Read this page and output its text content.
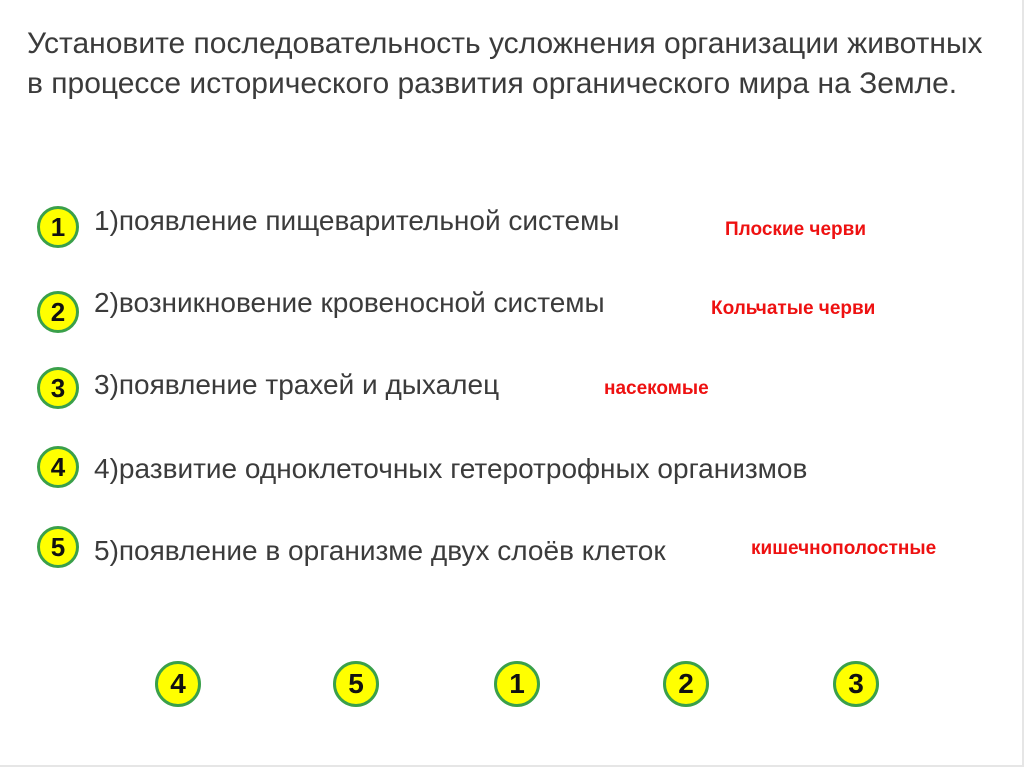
Установите последовательность усложнения организации животных в процессе исторического развития органического мира на Земле.

1	1)появление пищеварительной системы	Плоские черви
2	2)возникновение кровеносной системы	Кольчатые черви
3	3)появление трахей и дыхалец	насекомые
4	4)развитие одноклеточных гетеротрофных организмов
5	5)появление в организме двух слоёв клеток	кишечнополостные
4	5	1	2	3
